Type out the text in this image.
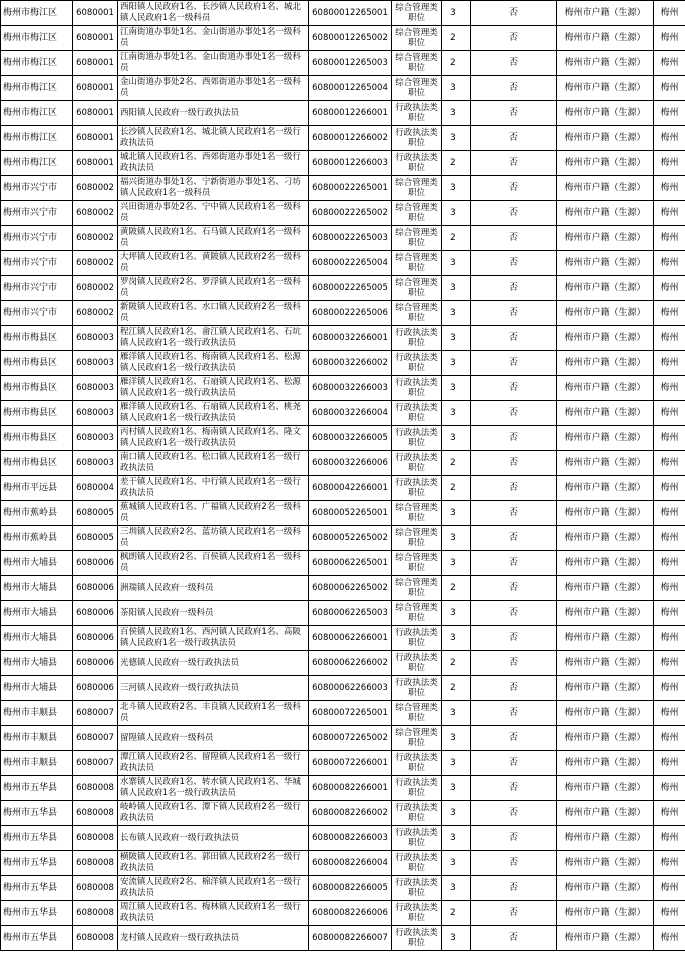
梅州市梅江区	6080001	西阳镇人民政府1名、长沙镇人民政府1名、城北镇人民政府1名一级科员	60800012265001	综合管理类职位	3	否	梅州市户籍（生源）	梅州
梅州市梅江区	6080001	江南街道办事处1名、金山街道办事处1名一级科员	60800012265002	综合管理类职位	2	否	梅州市户籍（生源）	梅州
梅州市梅江区	6080001	江南街道办事处1名、金山街道办事处1名一级科员	60800012265003	综合管理类职位	2	否	梅州市户籍（生源）	梅州
梅州市梅江区	6080001	金山街道办事处2名、西郊街道办事处1名一级科员	60800012265004	综合管理类职位	3	否	梅州市户籍（生源）	梅州
梅州市梅江区	6080001	西阳镇人民政府一级行政执法员	60800012266001	行政执法类职位	3	否	梅州市户籍（生源）	梅州
梅州市梅江区	6080001	长沙镇人民政府1名、城北镇人民政府1名一级行政执法员	60800012266002	行政执法类职位	3	否	梅州市户籍（生源）	梅州
梅州市梅江区	6080001	城北镇人民政府1名、西郊街道办事处1名一级行政执法员	60800012266003	行政执法类职位	2	否	梅州市户籍（生源）	梅州
梅州市兴宁市	6080002	福兴街道办事处1名、宁新街道办事处1名、刁坊镇人民政府1名一级科员	60800022265001	综合管理类职位	3	否	梅州市户籍（生源）	梅州
梅州市兴宁市	6080002	兴田街道办事处2名、宁中镇人民政府1名一级科员	60800022265002	综合管理类职位	3	否	梅州市户籍（生源）	梅州
梅州市兴宁市	6080002	黄陂镇人民政府1名、石马镇人民政府1名一级科员	60800022265003	综合管理类职位	2	否	梅州市户籍（生源）	梅州
梅州市兴宁市	6080002	大坪镇人民政府1名、黄陂镇人民政府2名一级科员	60800022265004	综合管理类职位	3	否	梅州市户籍（生源）	梅州
梅州市兴宁市	6080002	罗岗镇人民政府2名、罗浮镇人民政府1名一级科员	60800022265005	综合管理类职位	3	否	梅州市户籍（生源）	梅州
梅州市兴宁市	6080002	新陂镇人民政府1名、水口镇人民政府2名一级科员	60800022265006	综合管理类职位	3	否	梅州市户籍（生源）	梅州
梅州市梅县区	6080003	程江镇人民政府1名、畲江镇人民政府1名、石坑镇人民政府1名一级行政执法员	60800032266001	行政执法类职位	3	否	梅州市户籍（生源）	梅州
梅州市梅县区	6080003	雁洋镇人民政府1名、梅南镇人民政府1名、松源镇人民政府1名一级行政执法员	60800032266002	行政执法类职位	3	否	梅州市户籍（生源）	梅州
梅州市梅县区	6080003	雁洋镇人民政府1名、石扇镇人民政府1名、松源镇人民政府1名一级行政执法员	60800032266003	行政执法类职位	3	否	梅州市户籍（生源）	梅州
梅州市梅县区	6080003	雁洋镇人民政府1名、石扇镇人民政府1名、桃尧镇人民政府1名一级行政执法员	60800032266004	行政执法类职位	3	否	梅州市户籍（生源）	梅州
梅州市梅县区	6080003	丙村镇人民政府1名、梅南镇人民政府1名、隆文镇人民政府1名一级行政执法员	60800032266005	行政执法类职位	3	否	梅州市户籍（生源）	梅州
梅州市梅县区	6080003	南口镇人民政府1名、松口镇人民政府1名一级行政执法员	60800032266006	行政执法类职位	2	否	梅州市户籍（生源）	梅州
梅州市平远县	6080004	差干镇人民政府1名、中行镇人民政府1名一级行政执法员	60800042266001	行政执法类职位	2	否	梅州市户籍（生源）	梅州
梅州市蕉岭县	6080005	蕉城镇人民政府1名、广福镇人民政府2名一级科员	60800052265001	综合管理类职位	3	否	梅州市户籍（生源）	梅州
梅州市蕉岭县	6080005	三圳镇人民政府2名、蓝坊镇人民政府1名一级科员	60800052265002	综合管理类职位	3	否	梅州市户籍（生源）	梅州
梅州市大埔县	6080006	枫朗镇人民政府2名、百侯镇人民政府1名一级科员	60800062265001	综合管理类职位	3	否	梅州市户籍（生源）	梅州
梅州市大埔县	6080006	洲瑞镇人民政府一级科员	60800062265002	综合管理类职位	2	否	梅州市户籍（生源）	梅州
梅州市大埔县	6080006	茶阳镇人民政府一级科员	60800062265003	综合管理类职位	3	否	梅州市户籍（生源）	梅州
梅州市大埔县	6080006	百侯镇人民政府1名、西河镇人民政府1名、高陂镇人民政府1名一级行政执法员	60800062266001	行政执法类职位	3	否	梅州市户籍（生源）	梅州
梅州市大埔县	6080006	光德镇人民政府一级行政执法员	60800062266002	行政执法类职位	2	否	梅州市户籍（生源）	梅州
梅州市大埔县	6080006	三河镇人民政府一级行政执法员	60800062266003	行政执法类职位	2	否	梅州市户籍（生源）	梅州
梅州市丰顺县	6080007	北斗镇人民政府2名、丰良镇人民政府1名一级科员	60800072265001	综合管理类职位	3	否	梅州市户籍（生源）	梅州
梅州市丰顺县	6080007	留隍镇人民政府一级科员	60800072265002	综合管理类职位	3	否	梅州市户籍（生源）	梅州
梅州市丰顺县	6080007	潭江镇人民政府2名、留隍镇人民政府1名一级行政执法员	60800072266001	行政执法类职位	3	否	梅州市户籍（生源）	梅州
梅州市五华县	6080008	水寨镇人民政府1名、转水镇人民政府1名、华城镇人民政府1名一级行政执法员	60800082266001	行政执法类职位	3	否	梅州市户籍（生源）	梅州
梅州市五华县	6080008	岐岭镇人民政府1名、潭下镇人民政府2名一级行政执法员	60800082266002	行政执法类职位	3	否	梅州市户籍（生源）	梅州
梅州市五华县	6080008	长布镇人民政府一级行政执法员	60800082266003	行政执法类职位	3	否	梅州市户籍（生源）	梅州
梅州市五华县	6080008	横陂镇人民政府1名、郭田镇人民政府2名一级行政执法员	60800082266004	行政执法类职位	3	否	梅州市户籍（生源）	梅州
梅州市五华县	6080008	安流镇人民政府2名、棉洋镇人民政府1名一级行政执法员	60800082266005	行政执法类职位	3	否	梅州市户籍（生源）	梅州
梅州市五华县	6080008	周江镇人民政府1名、梅林镇人民政府1名一级行政执法员	60800082266006	行政执法类职位	2	否	梅州市户籍（生源）	梅州
梅州市五华县	6080008	龙村镇人民政府一级行政执法员	60800082266007	行政执法类职位	3	否	梅州市户籍（生源）	梅州
